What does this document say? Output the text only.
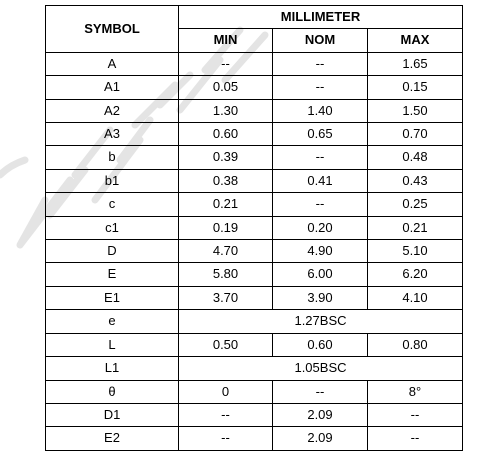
SYMBOL	MILLIMETER		
	MIN	NOM	MAX
A	--	--	1.65
A1	0.05	--	0.15
A2	1.30	1.40	1.50
A3	0.60	0.65	0.70
b	0.39	--	0.48
b1	0.38	0.41	0.43
c	0.21	--	0.25
c1	0.19	0.20	0.21
D	4.70	4.90	5.10
E	5.80	6.00	6.20
E1	3.70	3.90	4.10
e	1.27BSC		
L	0.50	0.60	0.80
L1	1.05BSC		
θ	0	--	8°
D1	--	2.09	--
E2	--	2.09	--
